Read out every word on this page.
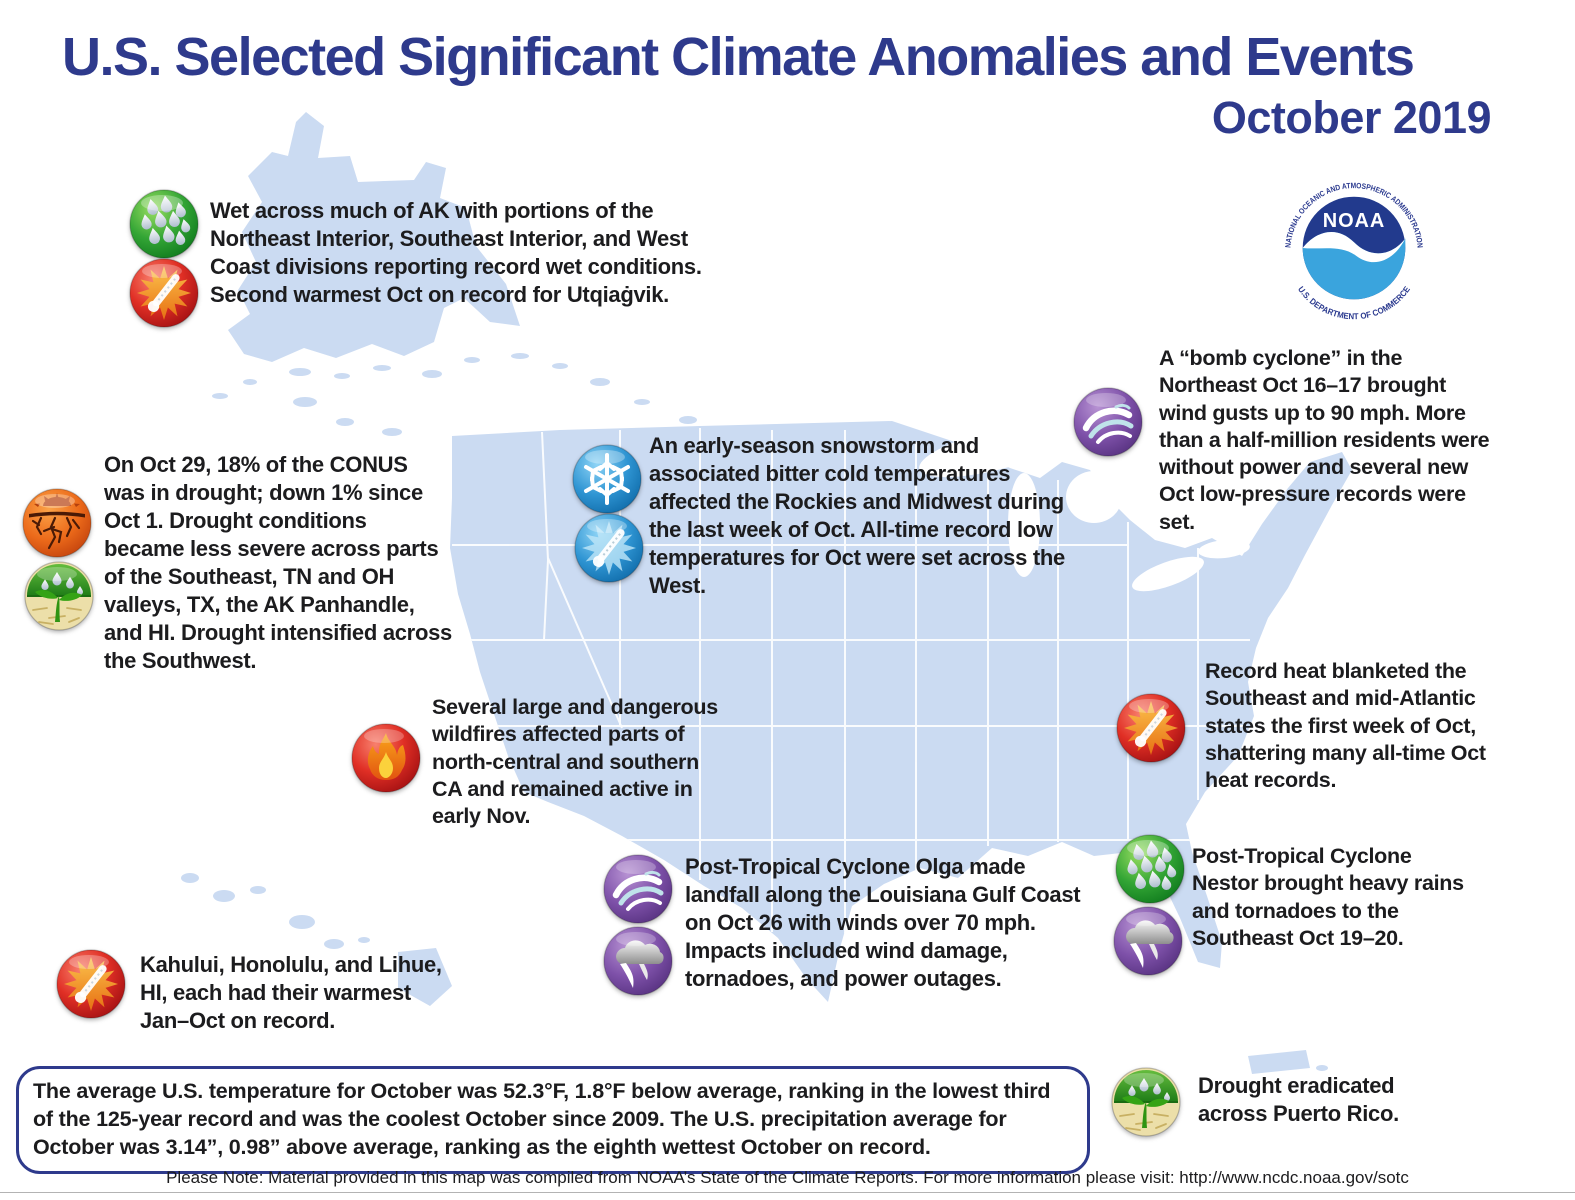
U.S. Selected Significant Climate Anomalies and Events
October 2019
NOAA
NATIONAL OCEANIC AND ATMOSPHERIC ADMINISTRATION
U.S. DEPARTMENT OF COMMERCE
Wet across much of AK with portions of the Northeast Interior, Southeast Interior, and West Coast divisions reporting record wet conditions. Second warmest Oct on record for Utqiaġvik.
On Oct 29, 18% of the CONUS was in drought; down 1% since Oct 1. Drought conditions became less severe across parts of the Southeast, TN and OH valleys, TX, the AK Panhandle, and HI. Drought intensified across the Southwest.
An early-season snowstorm and associated bitter cold temperatures affected the Rockies and Midwest during the last week of Oct. All-time record low temperatures for Oct were set across the West.
A “bomb cyclone” in the Northeast Oct 16–17 brought wind gusts up to 90 mph. More than a half-million residents were without power and several new Oct low-pressure records were set.
Several large and dangerous wildfires affected parts of north-central and southern CA and remained active in early Nov.
Record heat blanketed the Southeast and mid-Atlantic states the first week of Oct, shattering many all-time Oct heat records.
Post-Tropical Cyclone Olga made landfall along the Louisiana Gulf Coast on Oct 26 with winds over 70 mph. Impacts included wind damage, tornadoes, and power outages.
Post-Tropical Cyclone Nestor brought heavy rains and tornadoes to the Southeast Oct 19–20.
Kahului, Honolulu, and Lihue, HI, each had their warmest Jan–Oct on record.
Drought eradicated across Puerto Rico.
The average U.S. temperature for October was 52.3°F, 1.8°F below average, ranking in the lowest third of the 125-year record and was the coolest October since 2009. The U.S. precipitation average for October was 3.14”, 0.98” above average, ranking as the eighth wettest October on record.
Please Note: Material provided in this map was compiled from NOAA’s State of the Climate Reports. For more information please visit: http://www.ncdc.noaa.gov/sotc
